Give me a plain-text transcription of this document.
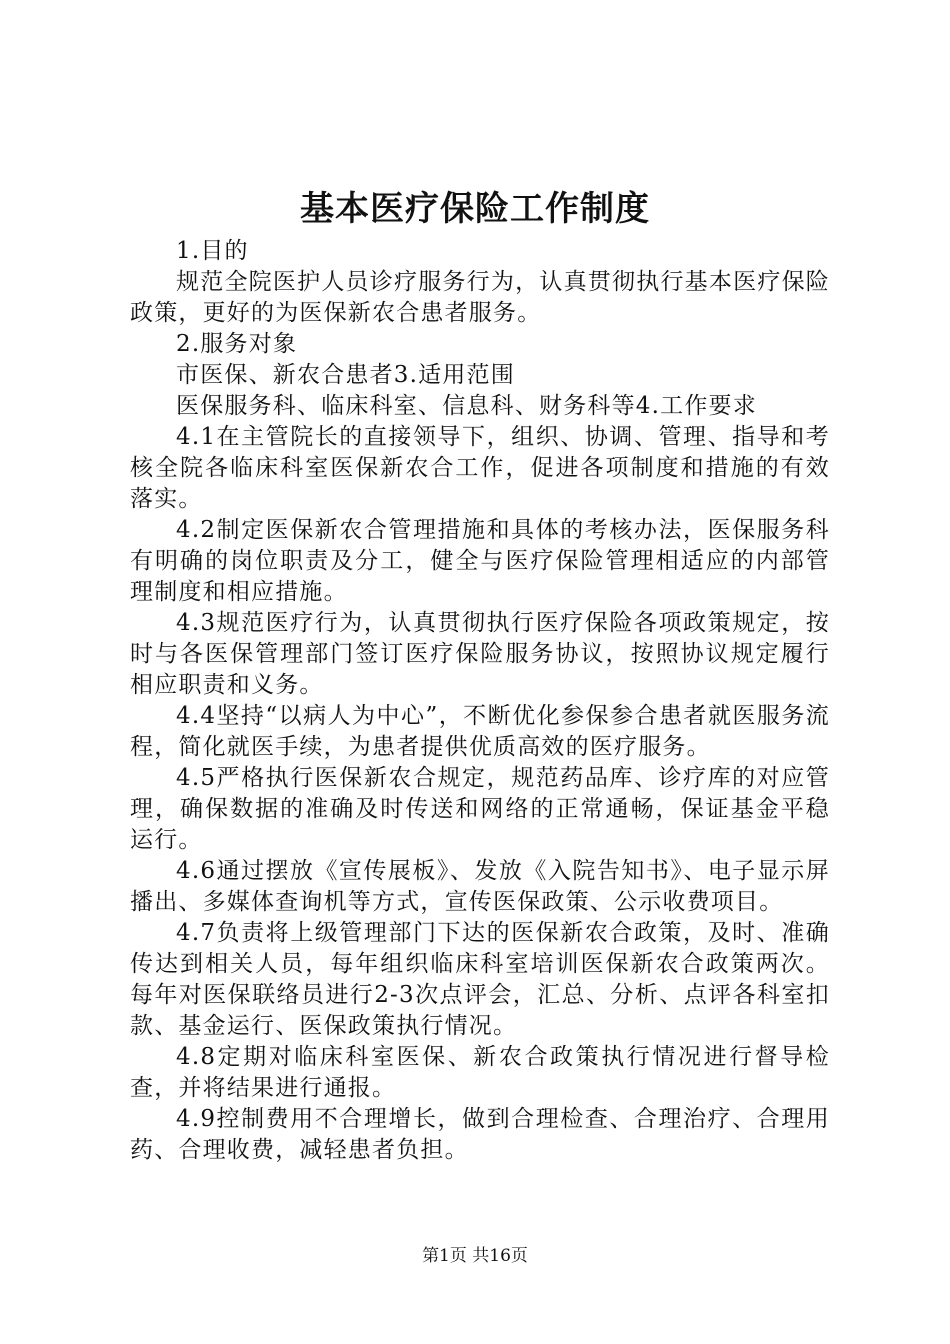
基本医疗保险工作制度

1.目的

规范全院医护人员诊疗服务行为，认真贯彻执行基本医疗保险政策，更好的为医保新农合患者服务。

2.服务对象

市医保、新农合患者3.适用范围

医保服务科、临床科室、信息科、财务科等4.工作要求

4.1在主管院长的直接领导下，组织、协调、管理、指导和考核全院各临床科室医保新农合工作，促进各项制度和措施的有效落实。

4.2制定医保新农合管理措施和具体的考核办法，医保服务科有明确的岗位职责及分工，健全与医疗保险管理相适应的内部管理制度和相应措施。

4.3规范医疗行为，认真贯彻执行医疗保险各项政策规定，按时与各医保管理部门签订医疗保险服务协议，按照协议规定履行相应职责和义务。

4.4坚持“以病人为中心”，不断优化参保参合患者就医服务流程，简化就医手续，为患者提供优质高效的医疗服务。

4.5严格执行医保新农合规定，规范药品库、诊疗库的对应管理，确保数据的准确及时传送和网络的正常通畅，保证基金平稳运行。

4.6通过摆放《宣传展板》、发放《入院告知书》、电子显示屏播出、多媒体查询机等方式，宣传医保政策、公示收费项目。

4.7负责将上级管理部门下达的医保新农合政策，及时、准确传达到相关人员，每年组织临床科室培训医保新农合政策两次。每年对医保联络员进行2-3次点评会，汇总、分析、点评各科室扣款、基金运行、医保政策执行情况。

4.8定期对临床科室医保、新农合政策执行情况进行督导检查，并将结果进行通报。

4.9控制费用不合理增长，做到合理检查、合理治疗、合理用药、合理收费，减轻患者负担。

第1页 共16页
